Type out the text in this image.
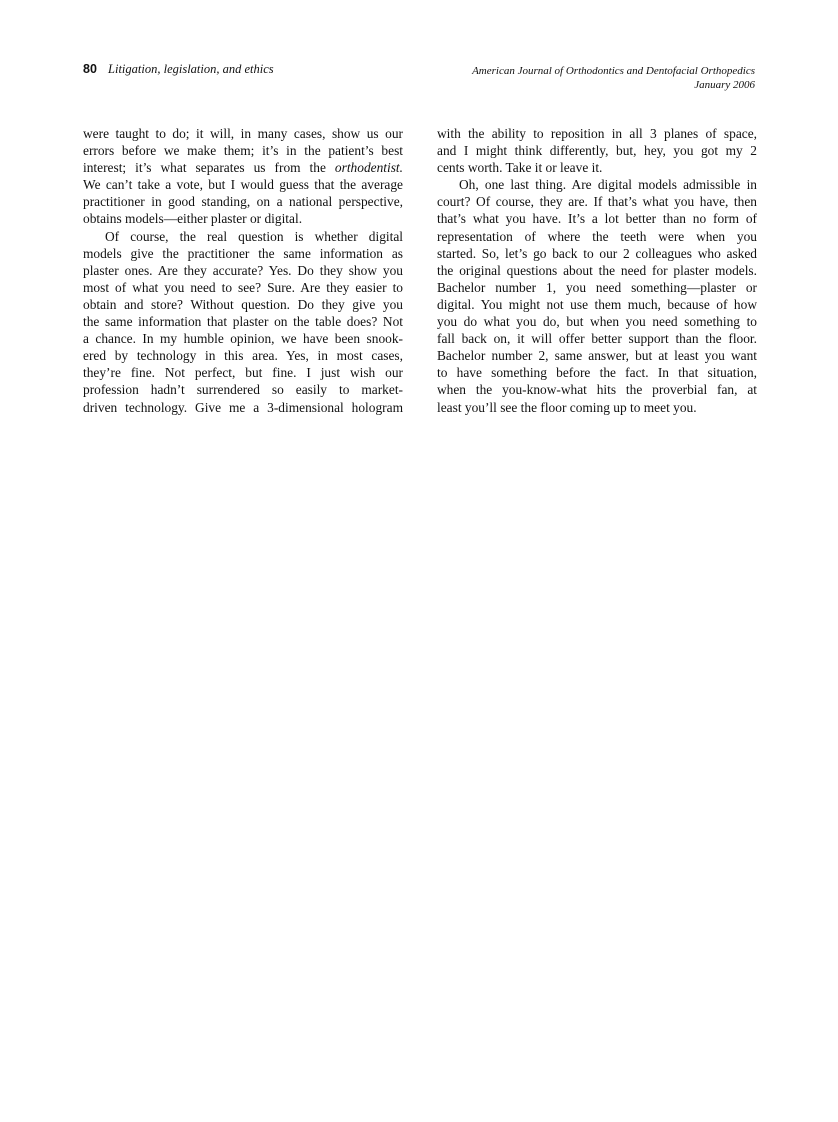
80 Litigation, legislation, and ethics	American Journal of Orthodontics and Dentofacial Orthopedics
January 2006
were taught to do; it will, in many cases, show us our
errors before we make them; it’s in the patient’s best
interest; it’s what separates us from the orthodentist.
We can’t take a vote, but I would guess that the average
practitioner in good standing, on a national perspective,
obtains models—either plaster or digital.
Of course, the real question is whether digital
models give the practitioner the same information as
plaster ones. Are they accurate? Yes. Do they show you
most of what you need to see? Sure. Are they easier to
obtain and store? Without question. Do they give you
the same information that plaster on the table does? Not
a chance. In my humble opinion, we have been snook-
ered by technology in this area. Yes, in most cases,
they’re fine. Not perfect, but fine. I just wish our
profession hadn’t surrendered so easily to market-
driven technology. Give me a 3-dimensional hologram
with the ability to reposition in all 3 planes of space,
and I might think differently, but, hey, you got my 2
cents worth. Take it or leave it.
Oh, one last thing. Are digital models admissible in
court? Of course, they are. If that’s what you have, then
that’s what you have. It’s a lot better than no form of
representation of where the teeth were when you
started. So, let’s go back to our 2 colleagues who asked
the original questions about the need for plaster models.
Bachelor number 1, you need something—plaster or
digital. You might not use them much, because of how
you do what you do, but when you need something to
fall back on, it will offer better support than the floor.
Bachelor number 2, same answer, but at least you want
to have something before the fact. In that situation,
when the you-know-what hits the proverbial fan, at
least you’ll see the floor coming up to meet you.
